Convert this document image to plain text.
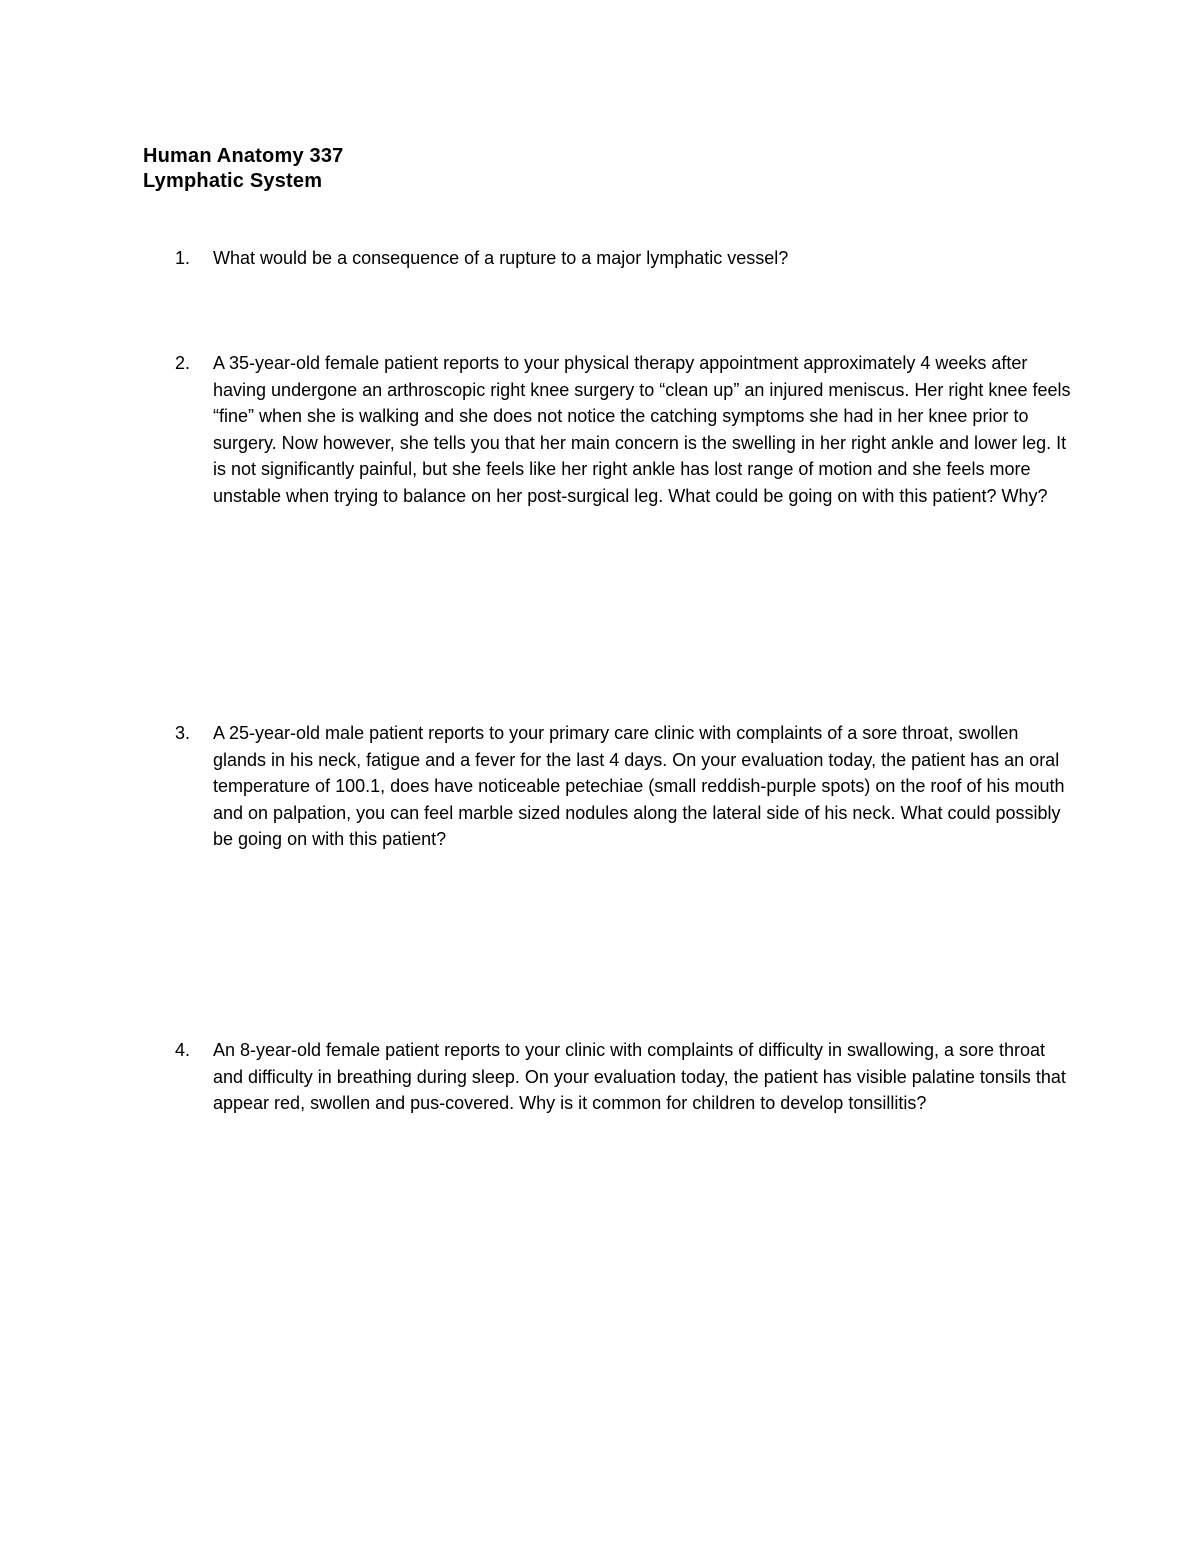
Human Anatomy 337
Lymphatic System
1. What would be a consequence of a rupture to a major lymphatic vessel?
2. A 35-year-old female patient reports to your physical therapy appointment approximately 4 weeks after having undergone an arthroscopic right knee surgery to “clean up” an injured meniscus. Her right knee feels “fine” when she is walking and she does not notice the catching symptoms she had in her knee prior to surgery. Now however, she tells you that her main concern is the swelling in her right ankle and lower leg. It is not significantly painful, but she feels like her right ankle has lost range of motion and she feels more unstable when trying to balance on her post-surgical leg. What could be going on with this patient? Why?
3. A 25-year-old male patient reports to your primary care clinic with complaints of a sore throat, swollen glands in his neck, fatigue and a fever for the last 4 days. On your evaluation today, the patient has an oral temperature of 100.1, does have noticeable petechiae (small reddish-purple spots) on the roof of his mouth and on palpation, you can feel marble sized nodules along the lateral side of his neck. What could possibly be going on with this patient?
4. An 8-year-old female patient reports to your clinic with complaints of difficulty in swallowing, a sore throat and difficulty in breathing during sleep. On your evaluation today, the patient has visible palatine tonsils that appear red, swollen and pus-covered. Why is it common for children to develop tonsillitis?
